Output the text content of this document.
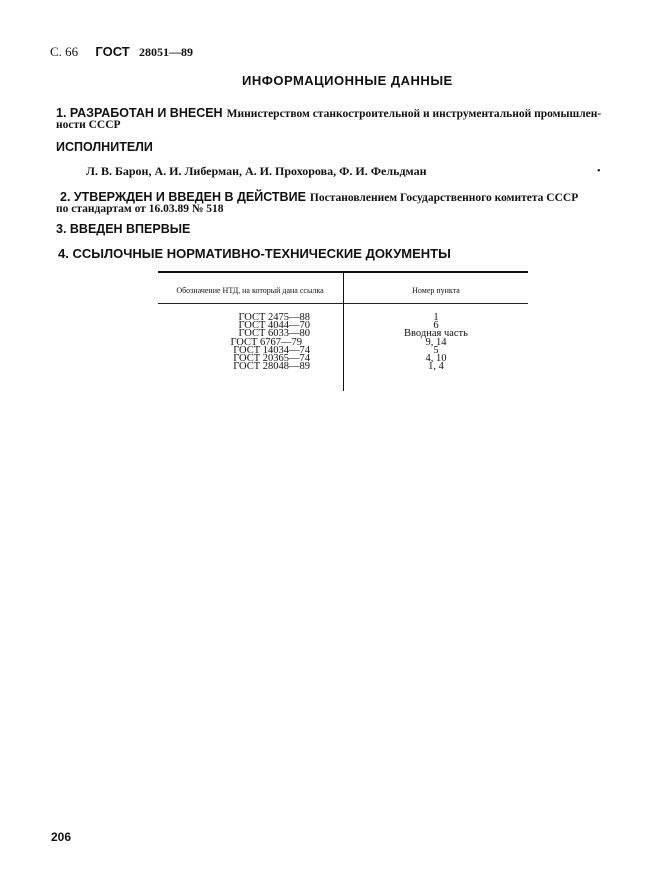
С. 66 ГОСТ 28051—89
ИНФОРМАЦИОННЫЕ ДАННЫЕ
1. РАЗРАБОТАН И ВНЕСЕН Министерством станкостроительной и инструментальной промышлен-
ности СССР
ИСПОЛНИТЕЛИ
Л. В. Барон, А. И. Либерман, А. И. Прохорова, Ф. И. Фельдман	•
2. УТВЕРЖДЕН И ВВЕДЕН В ДЕЙСТВИЕ Постановлением Государственного комитета СССР
по стандартам от 16.03.89 № 518
3. ВВЕДЕН ВПЕРВЫЕ
4. ССЫЛОЧНЫЕ НОРМАТИВНО-ТЕХНИЧЕСКИЕ ДОКУМЕНТЫ
Обозначение НТД, на который дана ссылка	Номер пункта
ГОСТ 2475—88
ГОСТ 4044—70
ГОСТ 6033—80
ГОСТ 6767—79
ГОСТ 14034—74
ГОСТ 20365—74
ГОСТ 28048—89
1
6
Вводная часть
9, 14
5
4, 10
1, 4
206
